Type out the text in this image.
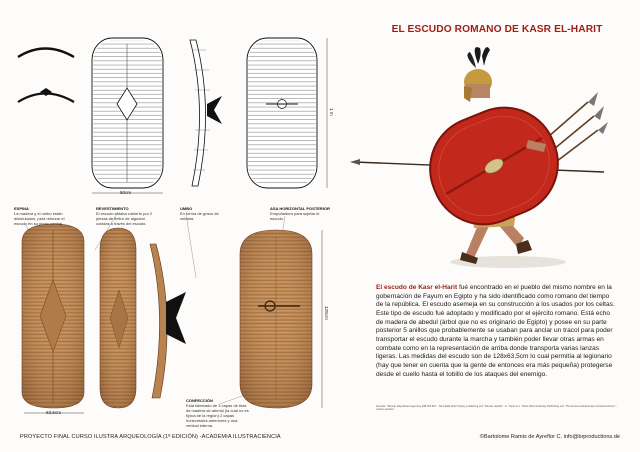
50cm
1 m
63,5cm
128cm
ESPINA
La madera y el umbo están disimulados, para reforzar el escudo en su punto central.
REVESTIMIENTO
El escudo estaba cubierto por 2 piezas de fieltro de algodón cosidas a través del escudo.
UMBO
En forma de grano de cebada.
ASA HORIZONTAL POSTERIOR
Empuñadura para sujetar el escudo.
CONFECCIÓN
Está fabricado de 3 capas de tiras de madera de abedul (la cual no es típica de la región) 2 capas horizontales anteriores y una vertical interna.
EL ESCUDO ROMANO DE KASR EL-HARIT
El escudo de Kasr el-Harit fué encontrado en el pueblo del mismo nombre en la gobernación de Fayum en Egipto y ha sido identificado como romano del tiempo de la república. El escudo asemeja en su construcción a los usados por los celtas. Este tipo de escudo fué adoptado y modificado por el ejército romano. Está echo de madera de abedul (árbol que no es originario de Egipto) y posee en su parte posterior 5 anillos que probablemente se usaban para anclar un tracol para poder transportar el escudo durante la marcha y también poder llevar otras armas en combate como en la representación de arriba donde transporta varias lanzas ligeras. Las medidas del escudo son de 128x63,5cm lo cual permitía al legionario (hay que tener en cuenta que la gente de entonces era más pequeña) protegerse desde el cuello hasta el tobillo de los ataques del enemigo.
Fuentes: "Roman Republican legionary 298-105 BC" - Nic Fields 2012 Osprey publishing Ltd; "Roman shields" - H. Travis & J. Travis 2014 Amberley Publishing Ltd; "The Armies and Enemies of Ancient Rome" - various authors.
PROYECTO FINAL CURSO ILUSTRA ARQUEOLOGÍA (1ª EDICIÓN) -ACADEMIA ILUSTRACIENCIA	©Bartolome Ramis de Ayreflor C. info@brproductions.de
